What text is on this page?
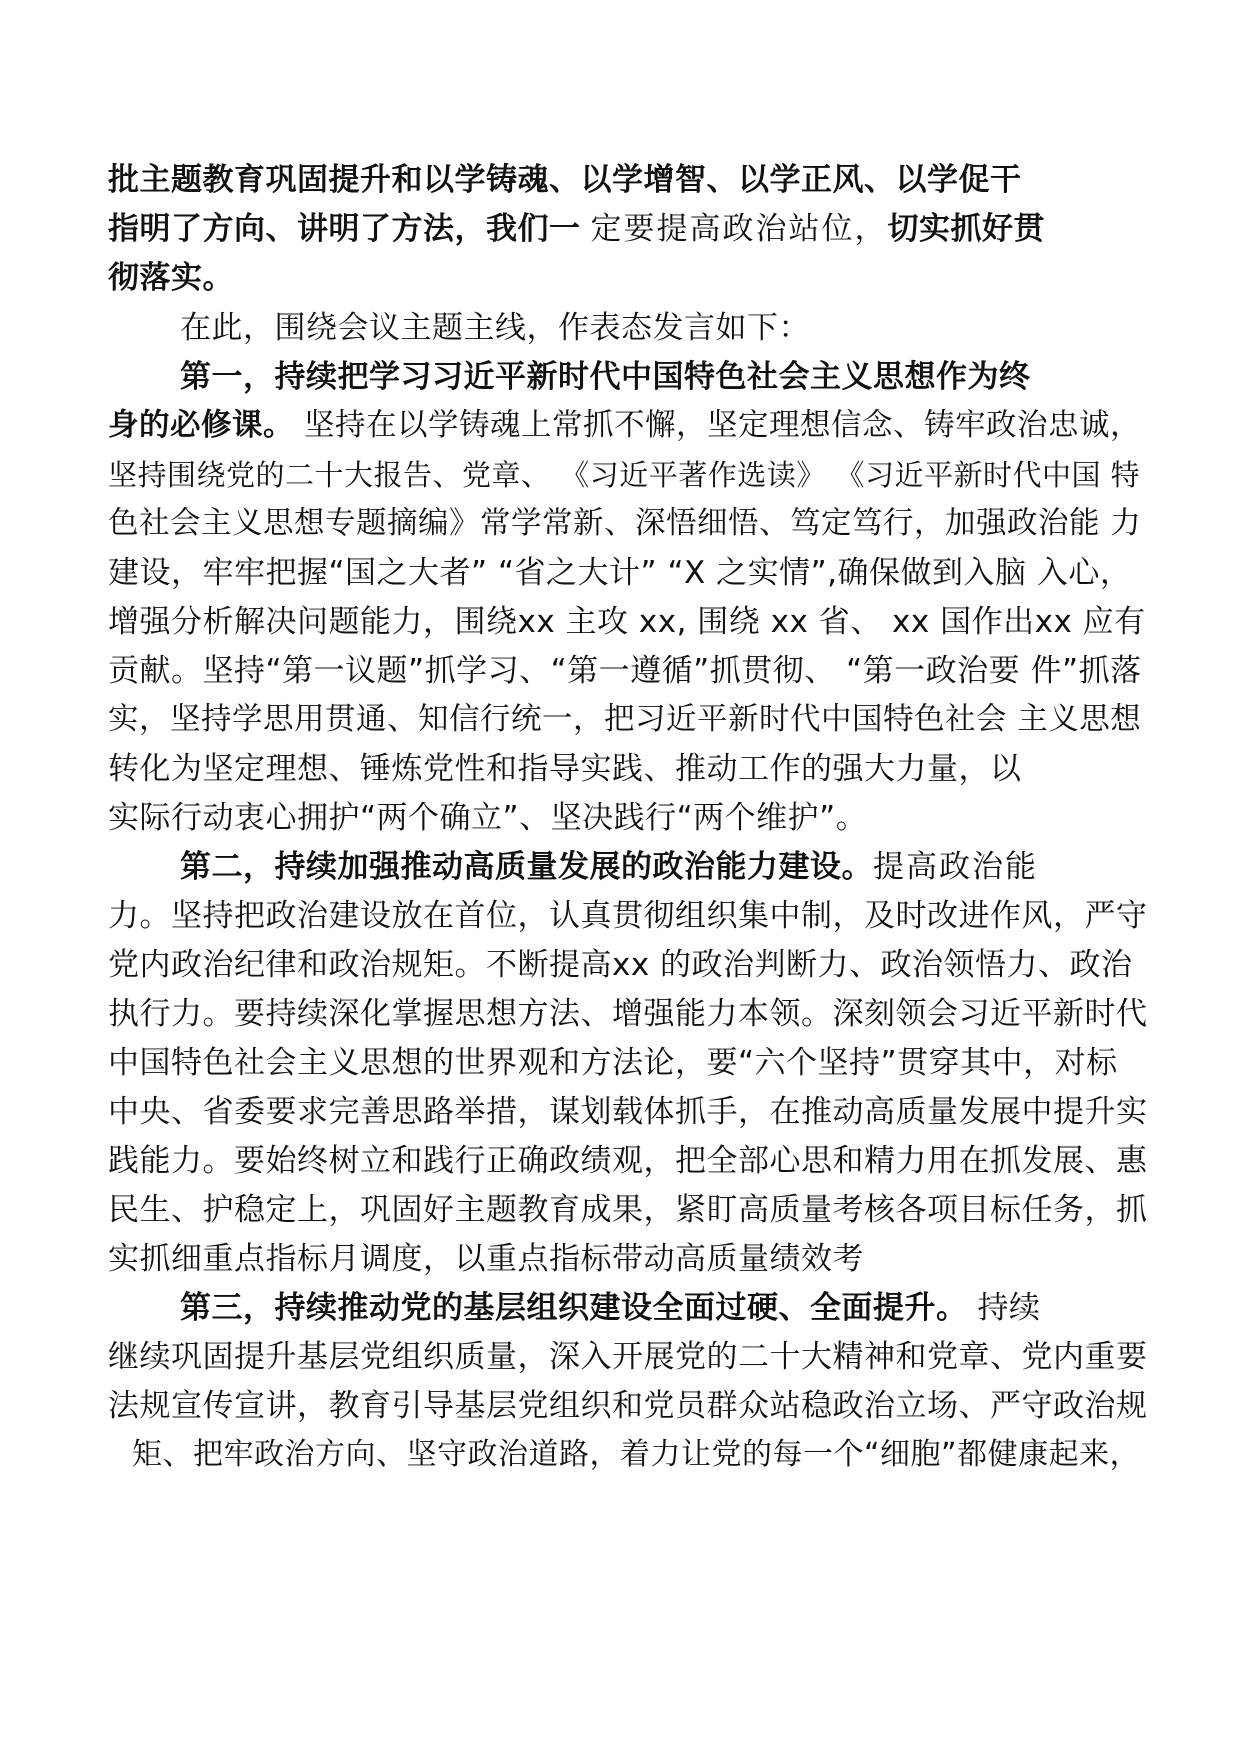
批主题教育巩固提升和以学铸魂、以学增智、以学正风、以学促干
指明了方向、讲明了方法，我们一 定要提高政治站位，切实抓好贯
彻落实。
在此，围绕会议主题主线，作表态发言如下：
第一，持续把学习习近平新时代中国特色社会主义思想作为终
身的必修课。 坚持在以学铸魂上常抓不懈，坚定理想信念、铸牢政治忠诚，
坚持围绕党的二十大报告、党章、 《习近平著作选读》 《习近平新时代中国 特
色社会主义思想专题摘编》常学常新、深悟细悟、笃定笃行，加强政治能 力
建设，牢牢把握“国之大者” “省之大计” “X 之实情”,确保做到入脑 入心，
增强分析解决问题能力，围绕xx 主攻 xx, 围绕 xx 省、 xx 国作出xx 应有
贡献。坚持“第一议题”抓学习、“第一遵循”抓贯彻、 “第一政治要 件”抓落
实，坚持学思用贯通、知信行统一，把习近平新时代中国特色社会 主义思想
转化为坚定理想、锤炼党性和指导实践、推动工作的强大力量，以
实际行动衷心拥护“两个确立”、坚决践行“两个维护”。
第二，持续加强推动高质量发展的政治能力建设。提高政治能
力。坚持把政治建设放在首位，认真贯彻组织集中制，及时改进作风，严守
党内政治纪律和政治规矩。不断提高xx 的政治判断力、政治领悟力、政治
执行力。要持续深化掌握思想方法、增强能力本领。深刻领会习近平新时代
中国特色社会主义思想的世界观和方法论，要“六个坚持”贯穿其中，对标
中央、省委要求完善思路举措，谋划载体抓手，在推动高质量发展中提升实
践能力。要始终树立和践行正确政绩观，把全部心思和精力用在抓发展、惠
民生、护稳定上，巩固好主题教育成果，紧盯高质量考核各项目标任务，抓
实抓细重点指标月调度，以重点指标带动高质量绩效考
第三，持续推动党的基层组织建设全面过硬、全面提升。 持续
继续巩固提升基层党组织质量，深入开展党的二十大精神和党章、党内重要
法规宣传宣讲，教育引导基层党组织和党员群众站稳政治立场、严守政治规
矩、把牢政治方向、坚守政治道路，着力让党的每一个“细胞”都健康起来，
